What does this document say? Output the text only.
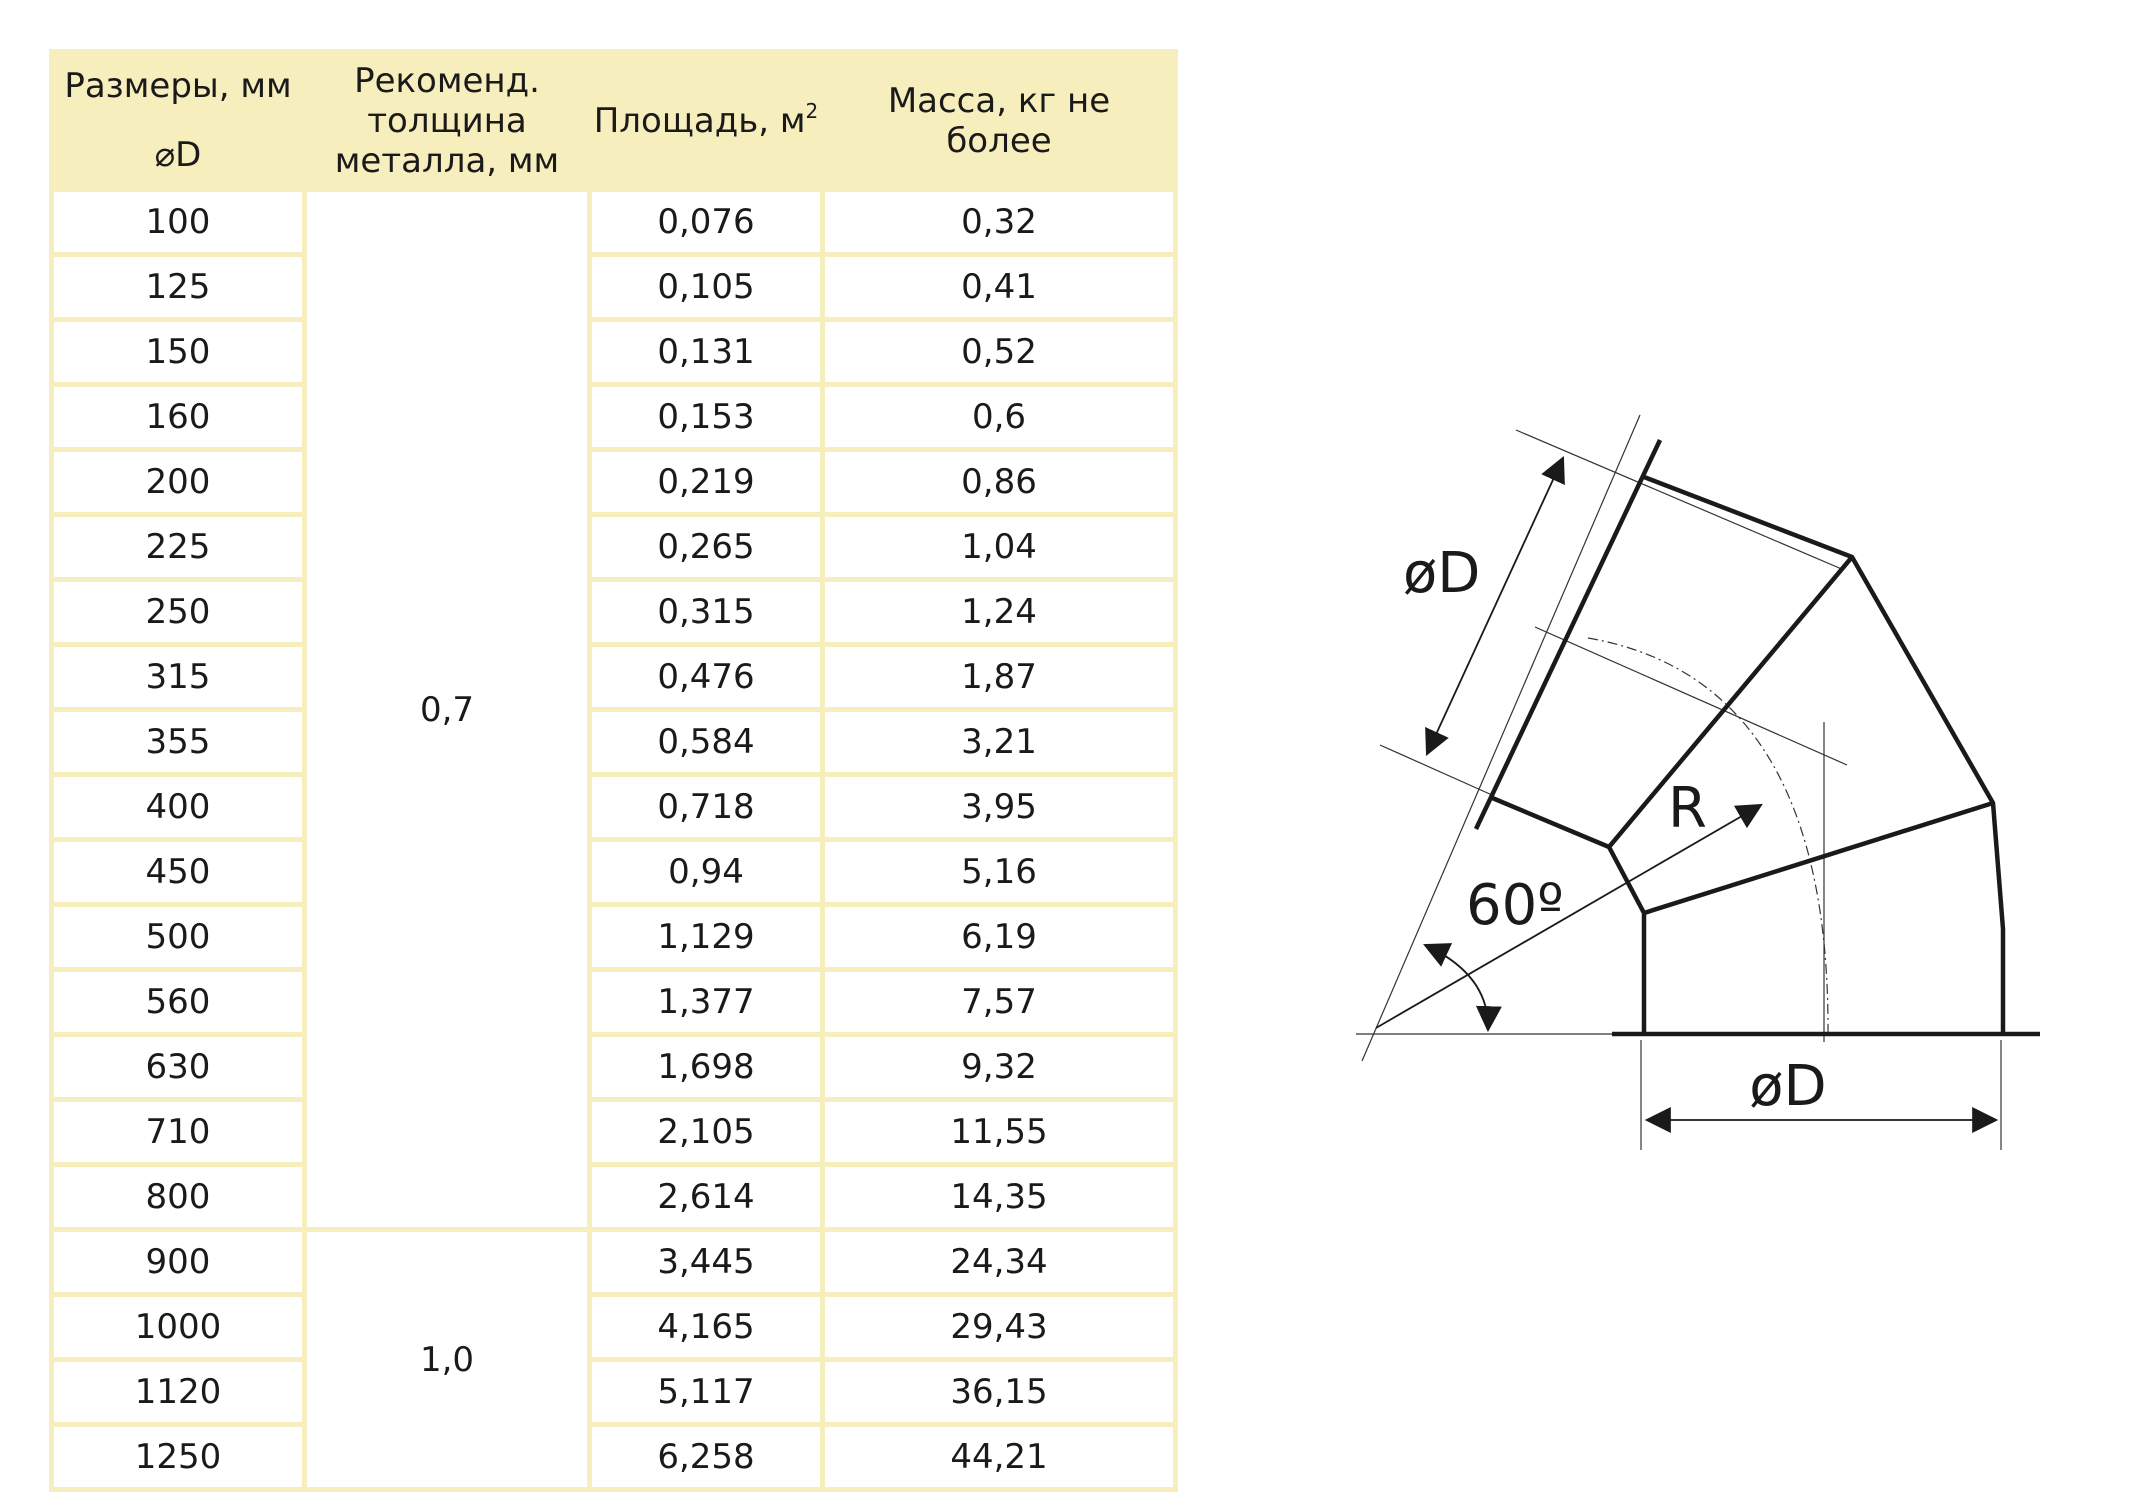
Размеры, мм	Рекоменд. толщина металла, мм	Площадь, $м^2$	Масса, кг не более
⌀D			
100	0,7	0,076	0,32
125		0,105	0,41
150		0,131	0,52
160		0,153	0,6
200		0,219	0,86
225		0,265	1,04
250		0,315	1,24
315		0,476	1,87
355		0,584	3,21
400		0,718	3,95
450		0,94	5,16
500		1,129	6,19
560		1,377	7,57
630		1,698	9,32
710		2,105	11,55
800		2,614	14,35
900	1,0	3,445	24,34
1000		4,165	29,43
1120		5,117	36,15
1250		6,258	44,21
øD
R
60º
øD
